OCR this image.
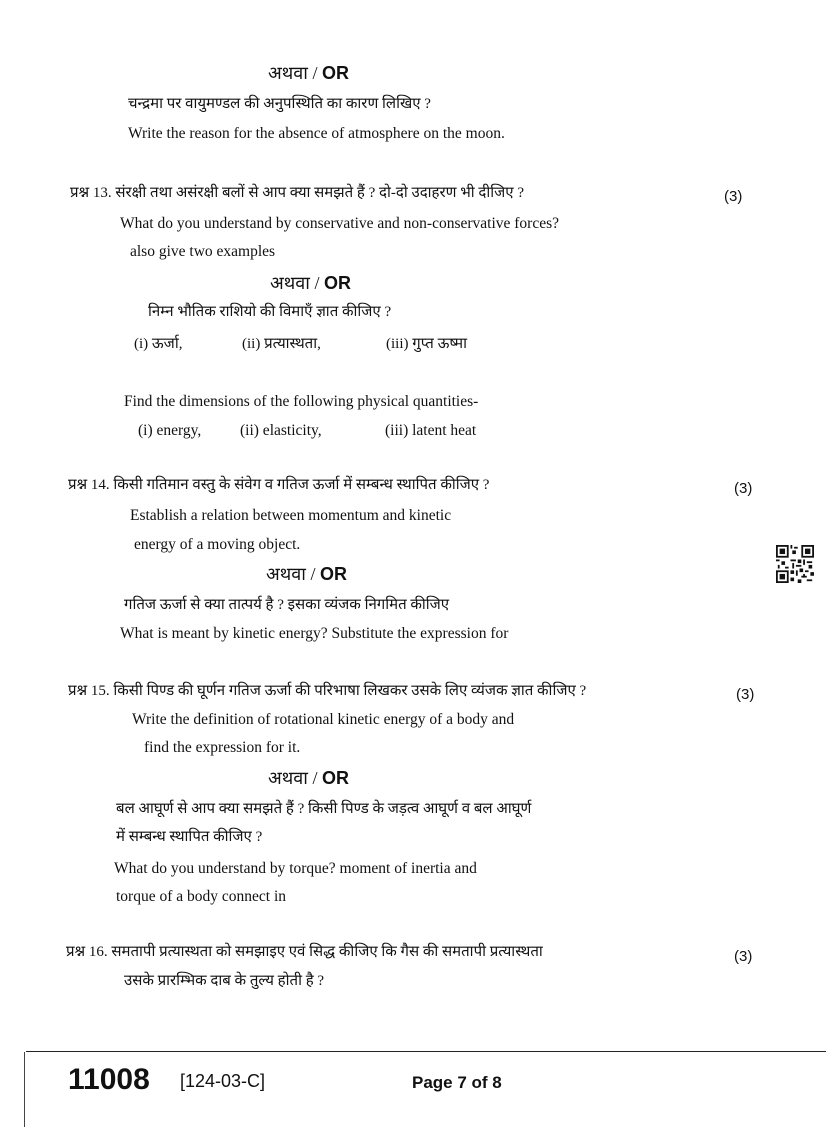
अथवा / OR
चन्द्रमा पर वायुमण्डल की अनुपस्थिति का कारण लिखिए ?
Write the reason for the absence of atmosphere on the moon.
प्रश्न 13. संरक्षी तथा असंरक्षी बलों से आप क्या समझते हैं ? दो-दो उदाहरण भी दीजिए ?	(3)
What do you understand by conservative and non-conservative forces?
also give two examples
अथवा / OR
निम्न भौतिक राशियो की विमाएँ ज्ञात कीजिए ?
(i) ऊर्जा,	(ii) प्रत्यास्थता,	(iii) गुप्त ऊष्मा
Find the dimensions of the following physical quantities-
(i) energy, (ii) elasticity,	(iii) latent heat
प्रश्न 14. किसी गतिमान वस्तु के संवेग व गतिज ऊर्जा में सम्बन्ध स्थापित कीजिए ?	(3)
Establish a relation between momentum and kinetic
energy of a moving object.
अथवा / OR
गतिज ऊर्जा से क्या तात्पर्य है ? इसका व्यंजक निगमित कीजिए
What is meant by kinetic energy? Substitute the expression for
प्रश्न 15. किसी पिण्ड की घूर्णन गतिज ऊर्जा की परिभाषा लिखकर उसके लिए व्यंजक ज्ञात कीजिए ?	(3)
Write the definition of rotational kinetic energy of a body and
find the expression for it.
अथवा / OR
बल आघूर्ण से आप क्या समझते हैं ? किसी पिण्ड के जड़त्व आघूर्ण व बल आघूर्ण
में सम्बन्ध स्थापित कीजिए ?
What do you understand by torque? moment of inertia and
torque of a body connect in
प्रश्न 16. समतापी प्रत्यास्थता को समझाइए एवं सिद्ध कीजिए कि गैस की समतापी प्रत्यास्थता	(3)
उसके प्रारम्भिक दाब के तुल्य होती है ?
11008 [124-03-C]	Page 7 of 8
